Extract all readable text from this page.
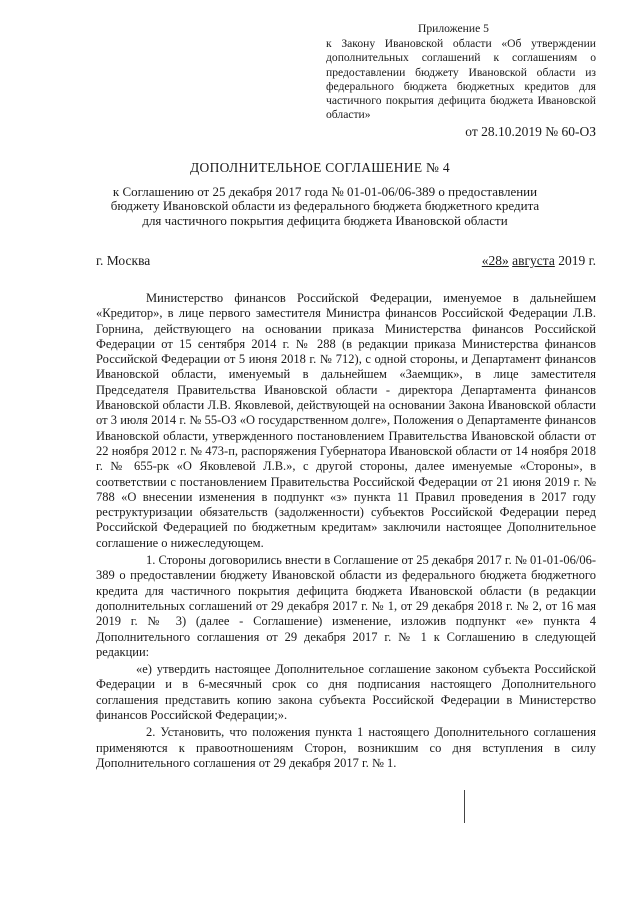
Приложение 5
к Закону Ивановской области «Об утверждении дополнительных соглашений к соглашениям о предоставлении бюджету Ивановской области из федерального бюджета бюджетных кредитов для частичного покрытия дефицита бюджета Ивановской области»
от 28.10.2019 № 60-ОЗ
ДОПОЛНИТЕЛЬНОЕ СОГЛАШЕНИЕ № 4
к Соглашению от 25 декабря 2017 года № 01-01-06/06-389 о предоставлении бюджету Ивановской области из федерального бюджета бюджетного кредита для частичного покрытия дефицита бюджета Ивановской области
г. Москва	«28» августа 2019 г.

Министерство финансов Российской Федерации, именуемое в дальнейшем «Кредитор», в лице первого заместителя Министра финансов Российской Федерации Л.В. Горнина, действующего на основании приказа Министерства финансов Российской Федерации от 15 сентября 2014 г. № 288 (в редакции приказа Министерства финансов Российской Федерации от 5 июня 2018 г. № 712), с одной стороны, и Департамент финансов Ивановской области, именуемый в дальнейшем «Заемщик», в лице заместителя Председателя Правительства Ивановской области - директора Департамента финансов Ивановской области Л.В. Яковлевой, действующей на основании Закона Ивановской области от 3 июля 2014 г. № 55-ОЗ «О государственном долге», Положения о Департаменте финансов Ивановской области, утвержденного постановлением Правительства Ивановской области от 22 ноября 2012 г. № 473-п, распоряжения Губернатора Ивановской области от 14 ноября 2018 г. № 655-рк «О Яковлевой Л.В.», с другой стороны, далее именуемые «Стороны», в соответствии с постановлением Правительства Российской Федерации от 21 июня 2019 г. № 788 «О внесении изменения в подпункт «з» пункта 11 Правил проведения в 2017 году реструктуризации обязательств (задолженности) субъектов Российской Федерации перед Российской Федерацией по бюджетным кредитам» заключили настоящее Дополнительное соглашение о нижеследующем.

1. Стороны договорились внести в Соглашение от 25 декабря 2017 г. № 01-01-06/06-389 о предоставлении бюджету Ивановской области из федерального бюджета бюджетного кредита для частичного покрытия дефицита бюджета Ивановской области (в редакции дополнительных соглашений от 29 декабря 2017 г. № 1, от 29 декабря 2018 г. № 2, от 16 мая 2019 г. № 3) (далее - Соглашение) изменение, изложив подпункт «е» пункта 4 Дополнительного соглашения от 29 декабря 2017 г. № 1 к Соглашению в следующей редакции:

«е) утвердить настоящее Дополнительное соглашение законом субъекта Российской Федерации и в 6-месячный срок со дня подписания настоящего Дополнительного соглашения представить копию закона субъекта Российской Федерации в Министерство финансов Российской Федерации;».

2. Установить, что положения пункта 1 настоящего Дополнительного соглашения применяются к правоотношениям Сторон, возникшим со дня вступления в силу Дополнительного соглашения от 29 декабря 2017 г. № 1.
